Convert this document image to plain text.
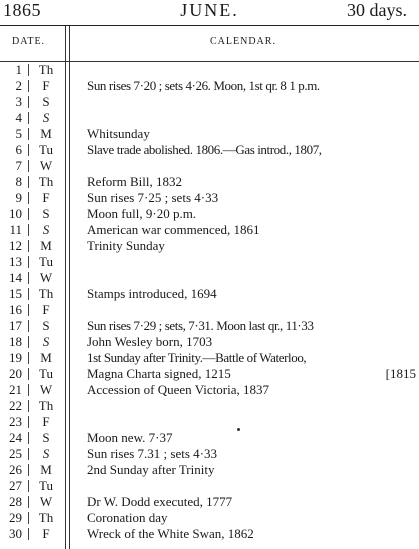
1865	JUNE.	30 days.
DATE.	CALENDAR.
1	Th
2	F	Sun rises 7·20 ; sets 4·26. Moon, 1st qr. 8 1 p.m.
3	S
4	S
5	M	Whitsunday
6	Tu	Slave trade abolished. 1806.—Gas introd., 1807,
7	W
8	Th	Reform Bill, 1832
9	F	Sun rises 7·25 ; sets 4·33
10	S	Moon full, 9·20 p.m.
11	S	American war commenced, 1861
12	M	Trinity Sunday
13	Tu
14	W
15	Th	Stamps introduced, 1694
16	F
17	S	Sun rises 7·29 ; sets, 7·31. Moon last qr., 11·33
18	S	John Wesley born, 1703
19	M	1st Sunday after Trinity.—Battle of Waterloo,
20	Tu	Magna Charta signed, 1215	[1815
21	W	Accession of Queen Victoria, 1837
22	Th
23	F
24	S	Moon new. 7·37
25	S	Sun rises 7.31 ; sets 4·33
26	M	2nd Sunday after Trinity
27	Tu
28	W	Dr W. Dodd executed, 1777
29	Th	Coronation day
30	F	Wreck of the White Swan, 1862
